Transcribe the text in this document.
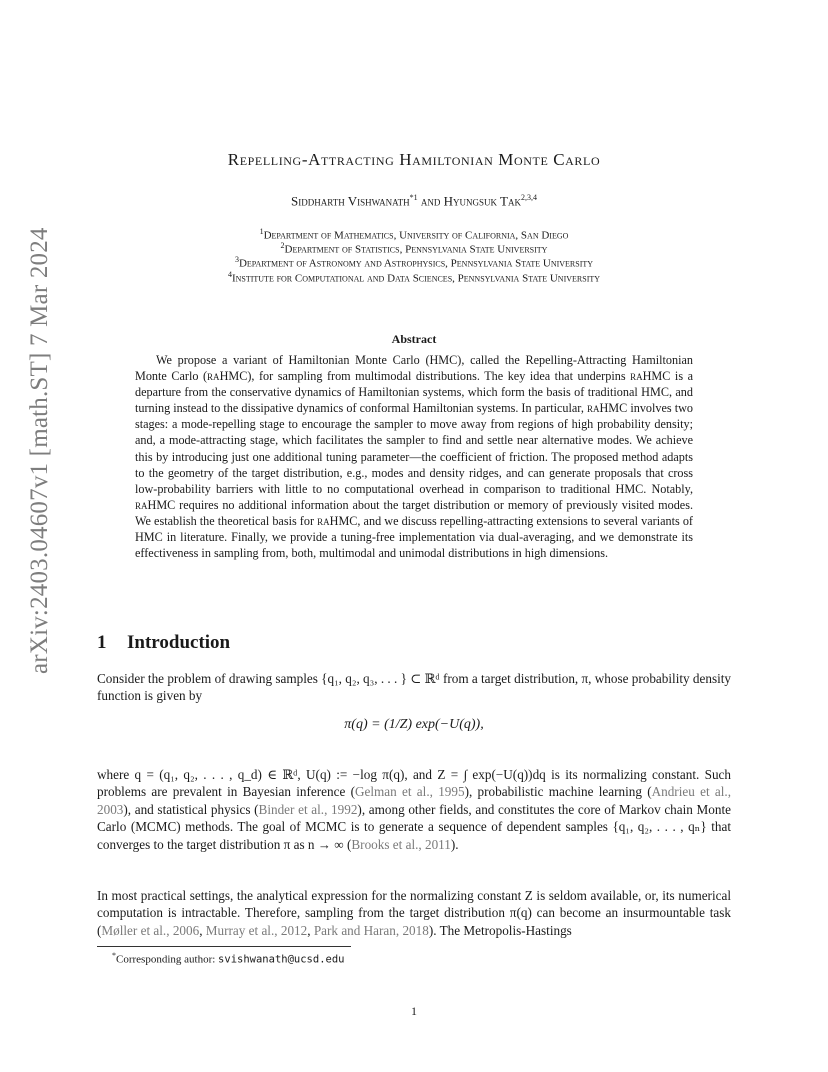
arXiv:2403.04607v1 [math.ST] 7 Mar 2024
Repelling-Attracting Hamiltonian Monte Carlo
Siddharth Vishwanath$^{*1}$ and Hyungsuk Tak$^{2,3,4}$
$^1$Department of Mathematics, University of California, San Diego
$^2$Department of Statistics, Pennsylvania State University
$^3$Department of Astronomy and Astrophysics, Pennsylvania State University
$^4$Institute for Computational and Data Sciences, Pennsylvania State University
Abstract
We propose a variant of Hamiltonian Monte Carlo (HMC), called the Repelling-Attracting Hamiltonian Monte Carlo (raHMC), for sampling from multimodal distributions. The key idea that underpins raHMC is a departure from the conservative dynamics of Hamiltonian systems, which form the basis of traditional HMC, and turning instead to the dissipative dynamics of conformal Hamiltonian systems. In particular, raHMC involves two stages: a mode-repelling stage to encourage the sampler to move away from regions of high probability density; and, a mode-attracting stage, which facilitates the sampler to find and settle near alternative modes. We achieve this by introducing just one additional tuning parameter—the coefficient of friction. The proposed method adapts to the geometry of the target distribution, e.g., modes and density ridges, and can generate proposals that cross low-probability barriers with little to no computational overhead in comparison to traditional HMC. Notably, raHMC requires no additional information about the target distribution or memory of previously visited modes. We establish the theoretical basis for raHMC, and we discuss repelling-attracting extensions to several variants of HMC in literature. Finally, we provide a tuning-free implementation via dual-averaging, and we demonstrate its effectiveness in sampling from, both, multimodal and unimodal distributions in high dimensions.
1 Introduction
Consider the problem of drawing samples {q₁, q₂, q₃, . . . } ⊂ ℝᵈ from a target distribution, π, whose probability density function is given by
π(q) = (1/Z) exp(−U(q)),
where q = (q₁, q₂, . . . , q_d) ∈ ℝᵈ, U(q) := −log π(q), and Z = ∫ exp(−U(q))dq is its normalizing constant. Such problems are prevalent in Bayesian inference (Gelman et al., 1995), probabilistic machine learning (Andrieu et al., 2003), and statistical physics (Binder et al., 1992), among other fields, and constitutes the core of Markov chain Monte Carlo (MCMC) methods. The goal of MCMC is to generate a sequence of dependent samples {q₁, q₂, . . . , qₙ} that converges to the target distribution π as n → ∞ (Brooks et al., 2011).
In most practical settings, the analytical expression for the normalizing constant Z is seldom available, or, its numerical computation is intractable. Therefore, sampling from the target distribution π(q) can become an insurmountable task (Møller et al., 2006, Murray et al., 2012, Park and Haran, 2018). The Metropolis-Hastings
*Corresponding author: svishwanath@ucsd.edu
1
